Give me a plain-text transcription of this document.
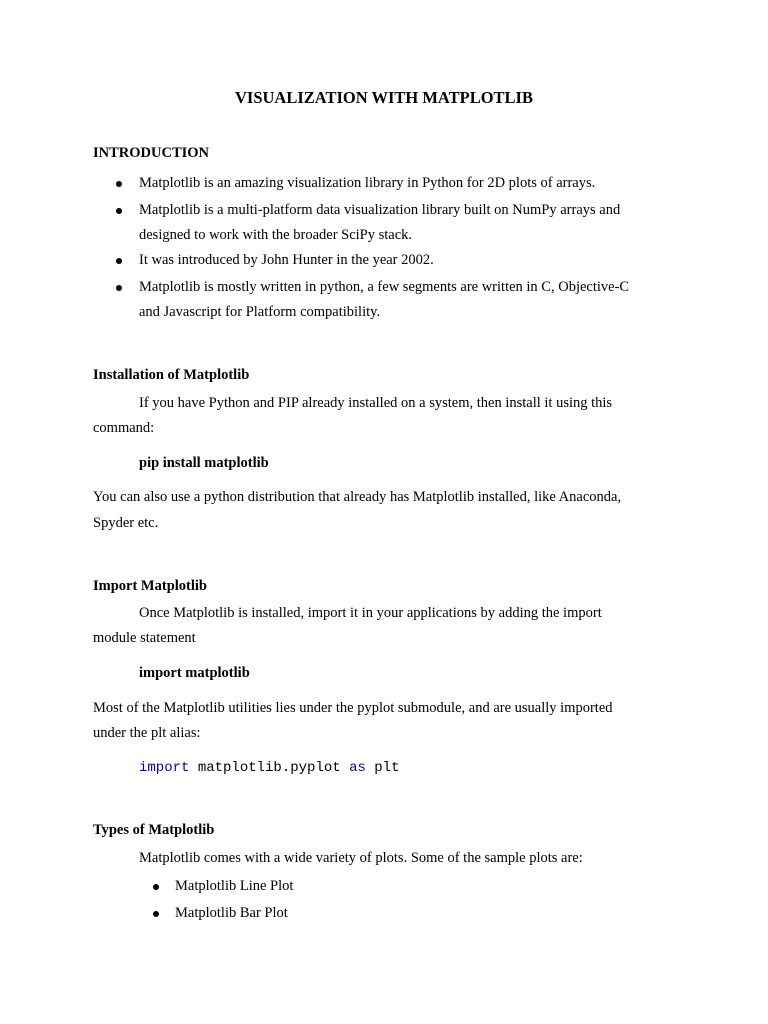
VISUALIZATION WITH MATPLOTLIB
INTRODUCTION
Matplotlib is an amazing visualization library in Python for 2D plots of arrays.
Matplotlib is a multi-platform data visualization library built on NumPy arrays and
designed to work with the broader SciPy stack.
It was introduced by John Hunter in the year 2002.
Matplotlib is mostly written in python, a few segments are written in C, Objective-C
and Javascript for Platform compatibility.
Installation of Matplotlib
If you have Python and PIP already installed on a system, then install it using this
command:
pip install matplotlib
You can also use a python distribution that already has Matplotlib installed, like Anaconda,
Spyder etc.
Import Matplotlib
Once Matplotlib is installed, import it in your applications by adding the import
module statement
import matplotlib
Most of the Matplotlib utilities lies under the pyplot submodule, and are usually imported
under the plt alias:
import matplotlib.pyplot as plt
Types of Matplotlib
Matplotlib comes with a wide variety of plots. Some of the sample plots are:
Matplotlib Line Plot
Matplotlib Bar Plot
